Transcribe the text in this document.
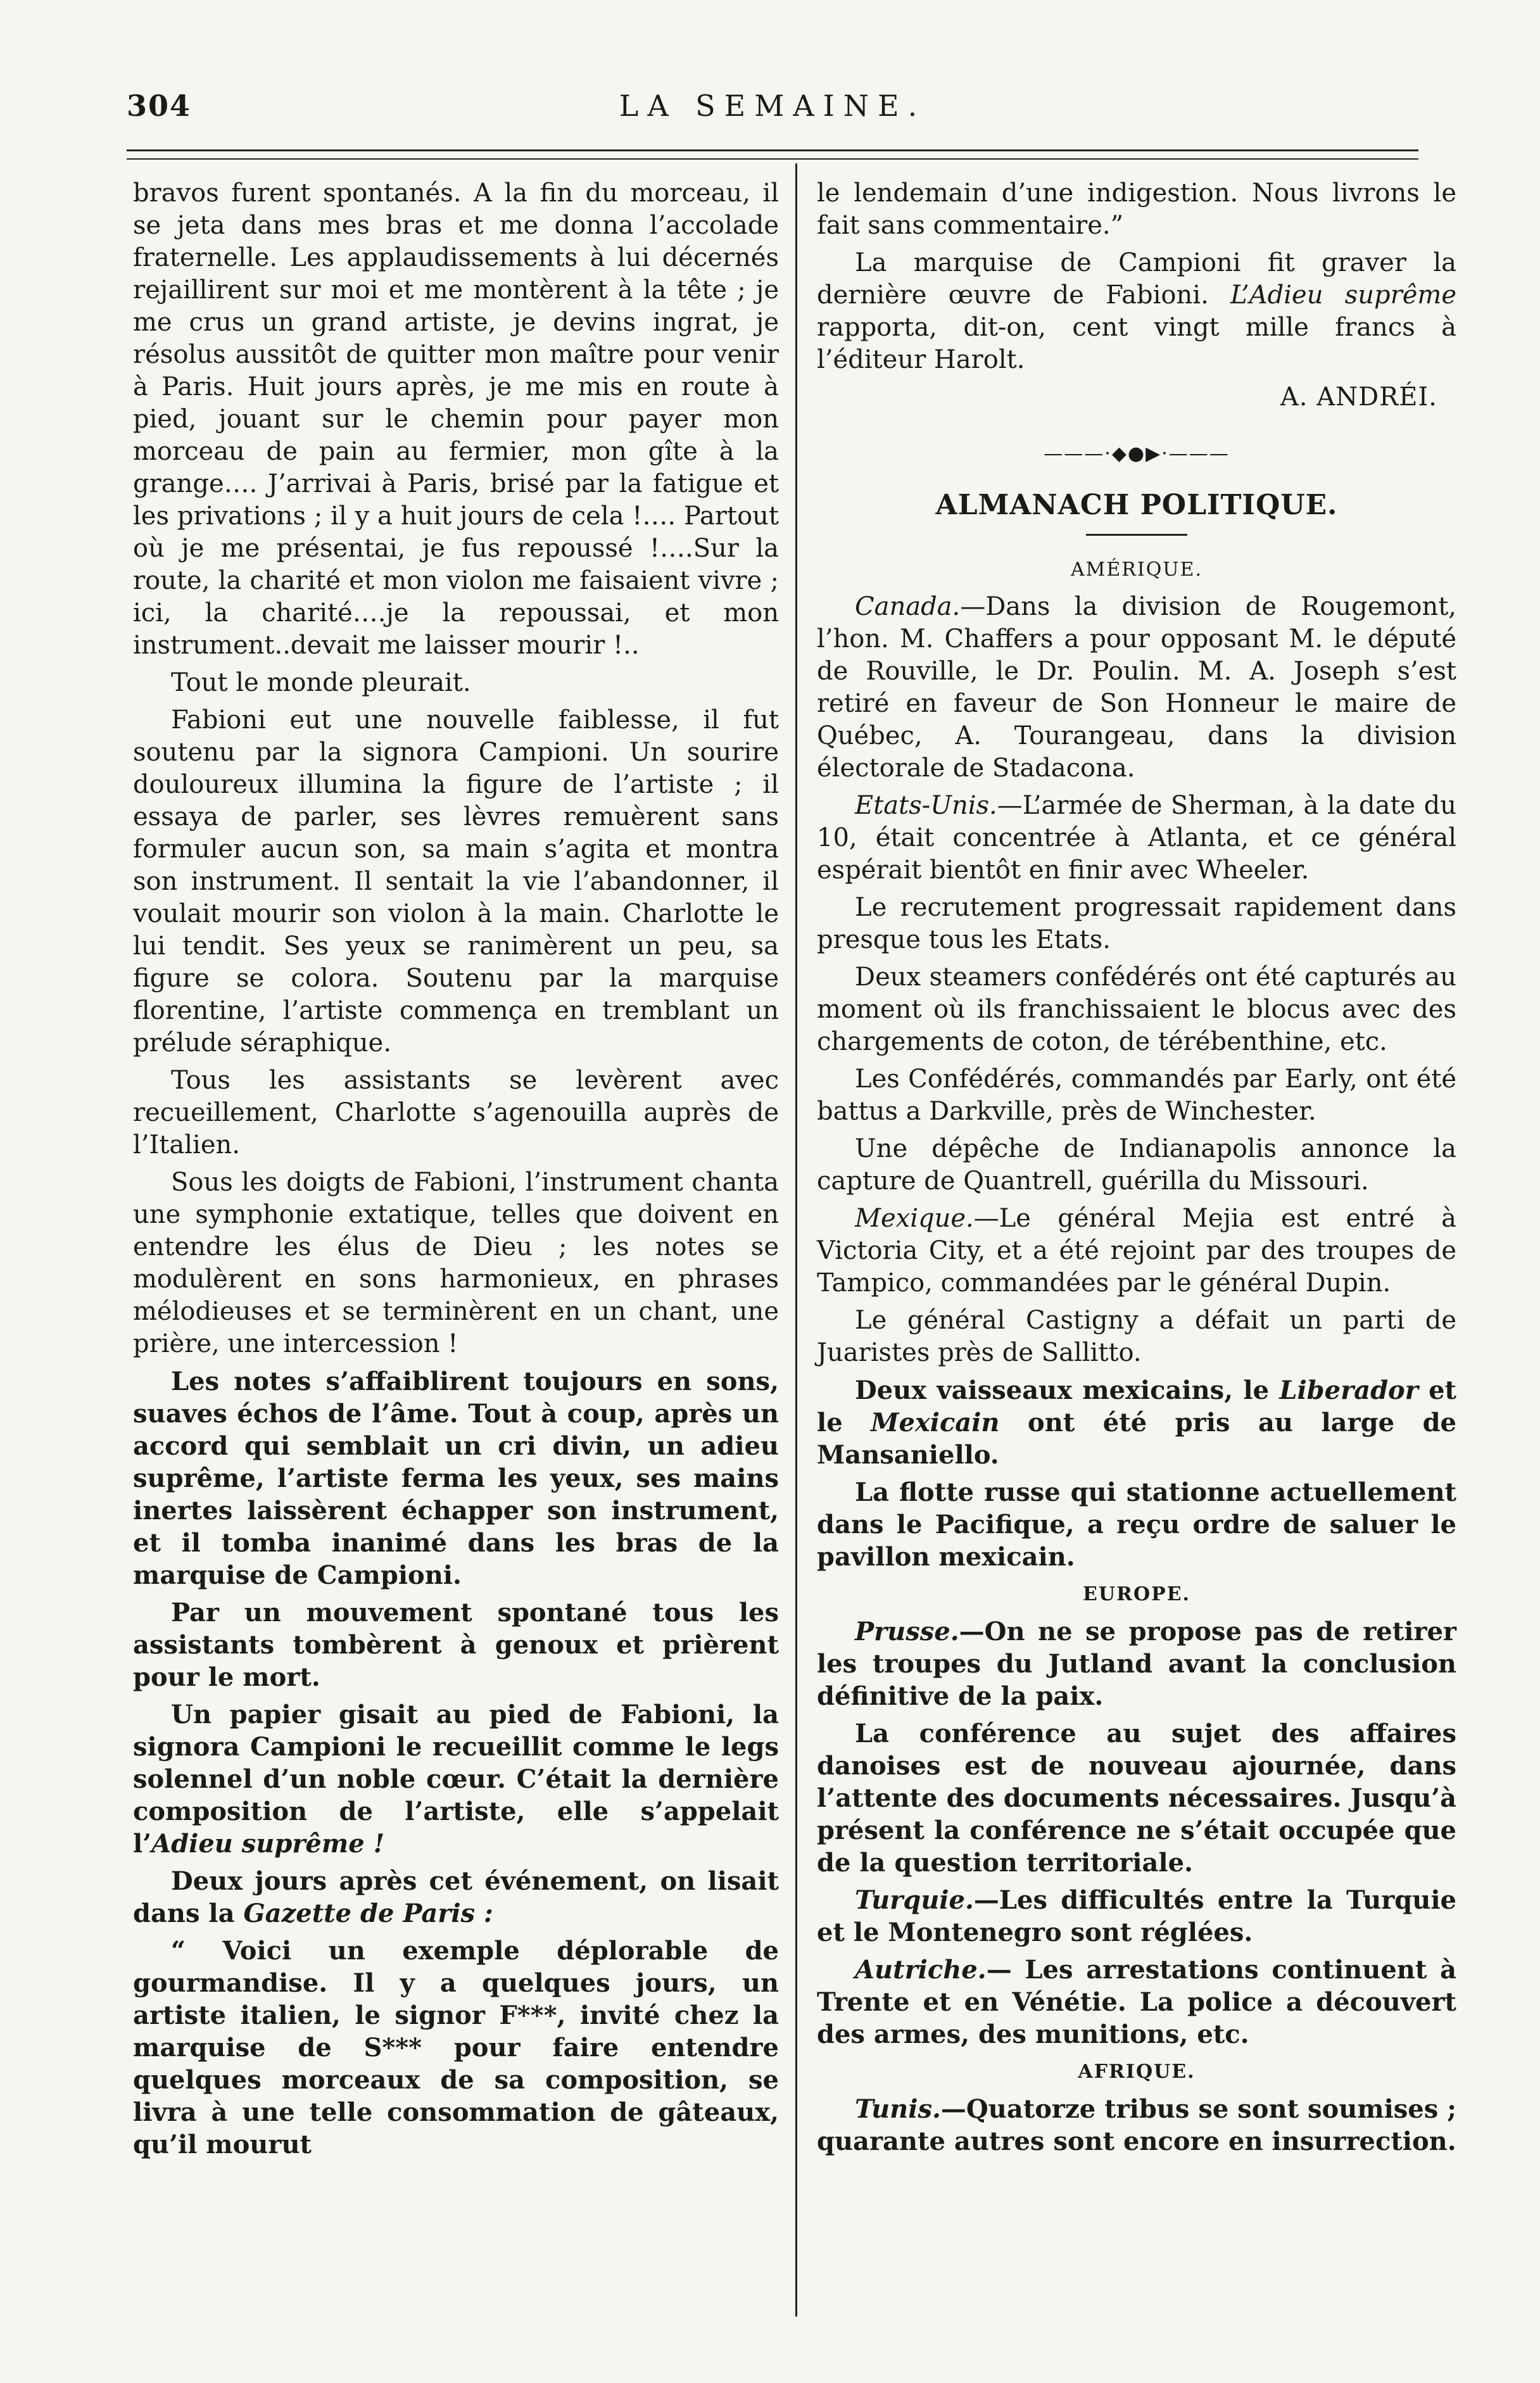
304	LA SEMAINE.

bravos furent spontanés. A la fin du morceau, il se jeta dans mes bras et me donna l’accolade fraternelle. Les applaudissements à lui décernés rejaillirent sur moi et me montèrent à la tête ; je me crus un grand artiste, je devins ingrat, je résolus aussitôt de quitter mon maître pour venir à Paris. Huit jours après, je me mis en route à pied, jouant sur le chemin pour payer mon morceau de pain au fermier, mon gîte à la grange…. J’arrivai à Paris, brisé par la fatigue et les privations ; il y a huit jours de cela !…. Partout où je me présentai, je fus repoussé !….Sur la route, la charité et mon violon me faisaient vivre ; ici, la charité….je la repoussai, et mon instrument..devait me laisser mourir !..

Tout le monde pleurait.

Fabioni eut une nouvelle faiblesse, il fut soutenu par la signora Campioni. Un sourire douloureux illumina la figure de l’artiste ; il essaya de parler, ses lèvres remuèrent sans formuler aucun son, sa main s’agita et montra son instrument. Il sentait la vie l’abandonner, il voulait mourir son violon à la main. Charlotte le lui tendit. Ses yeux se ranimèrent un peu, sa figure se colora. Soutenu par la marquise florentine, l’artiste commença en tremblant un prélude séraphique.

Tous les assistants se levèrent avec recueillement, Charlotte s’agenouilla auprès de l’Italien.

Sous les doigts de Fabioni, l’instrument chanta une symphonie extatique, telles que doivent en entendre les élus de Dieu ; les notes se modulèrent en sons harmonieux, en phrases mélodieuses et se terminèrent en un chant, une prière, une intercession !

Les notes s’affaiblirent toujours en sons, suaves échos de l’âme. Tout à coup, après un accord qui semblait un cri divin, un adieu suprême, l’artiste ferma les yeux, ses mains inertes laissèrent échapper son instrument, et il tomba inanimé dans les bras de la marquise de Campioni.

Par un mouvement spontané tous les assistants tombèrent à genoux et prièrent pour le mort.

Un papier gisait au pied de Fabioni, la signora Campioni le recueillit comme le legs solennel d’un noble cœur. C’était la dernière composition de l’artiste, elle s’appelait l’Adieu suprême !

Deux jours après cet événement, on lisait dans la Gazette de Paris :

“ Voici un exemple déplorable de gourmandise. Il y a quelques jours, un artiste italien, le signor F***, invité chez la marquise de S*** pour faire entendre quelques morceaux de sa composition, se livra à une telle consommation de gâteaux, qu’il mourut

le lendemain d’une indigestion. Nous livrons le fait sans commentaire.”

La marquise de Campioni fit graver la dernière œuvre de Fabioni. L’Adieu suprême rapporta, dit-on, cent vingt mille francs à l’éditeur Harolt.

A. ANDRÉI.
———·◆●▶·———
ALMANACH POLITIQUE.
AMÉRIQUE.

Canada.—Dans la division de Rougemont, l’hon. M. Chaffers a pour opposant M. le député de Rouville, le Dr. Poulin. M. A. Joseph s’est retiré en faveur de Son Honneur le maire de Québec, A. Tourangeau, dans la division électorale de Stadacona.

Etats-Unis.—L’armée de Sherman, à la date du 10, était concentrée à Atlanta, et ce général espérait bientôt en finir avec Wheeler.

Le recrutement progressait rapidement dans presque tous les Etats.

Deux steamers confédérés ont été capturés au moment où ils franchissaient le blocus avec des chargements de coton, de térébenthine, etc.

Les Confédérés, commandés par Early, ont été battus a Darkville, près de Winchester.

Une dépêche de Indianapolis annonce la capture de Quantrell, guérilla du Missouri.

Mexique.—Le général Mejia est entré à Victoria City, et a été rejoint par des troupes de Tampico, commandées par le général Dupin.

Le général Castigny a défait un parti de Juaristes près de Sallitto.

Deux vaisseaux mexicains, le Liberador et le Mexicain ont été pris au large de Mansaniello.

La flotte russe qui stationne actuellement dans le Pacifique, a reçu ordre de saluer le pavillon mexicain.

EUROPE.

Prusse.—On ne se propose pas de retirer les troupes du Jutland avant la conclusion définitive de la paix.

La conférence au sujet des affaires danoises est de nouveau ajournée, dans l’attente des documents nécessaires. Jusqu’à présent la conférence ne s’était occupée que de la question territoriale.

Turquie.—Les difficultés entre la Turquie et le Montenegro sont réglées.

Autriche.— Les arrestations continuent à Trente et en Vénétie. La police a découvert des armes, des munitions, etc.

AFRIQUE.

Tunis.—Quatorze tribus se sont soumises ; quarante autres sont encore en insurrection.
